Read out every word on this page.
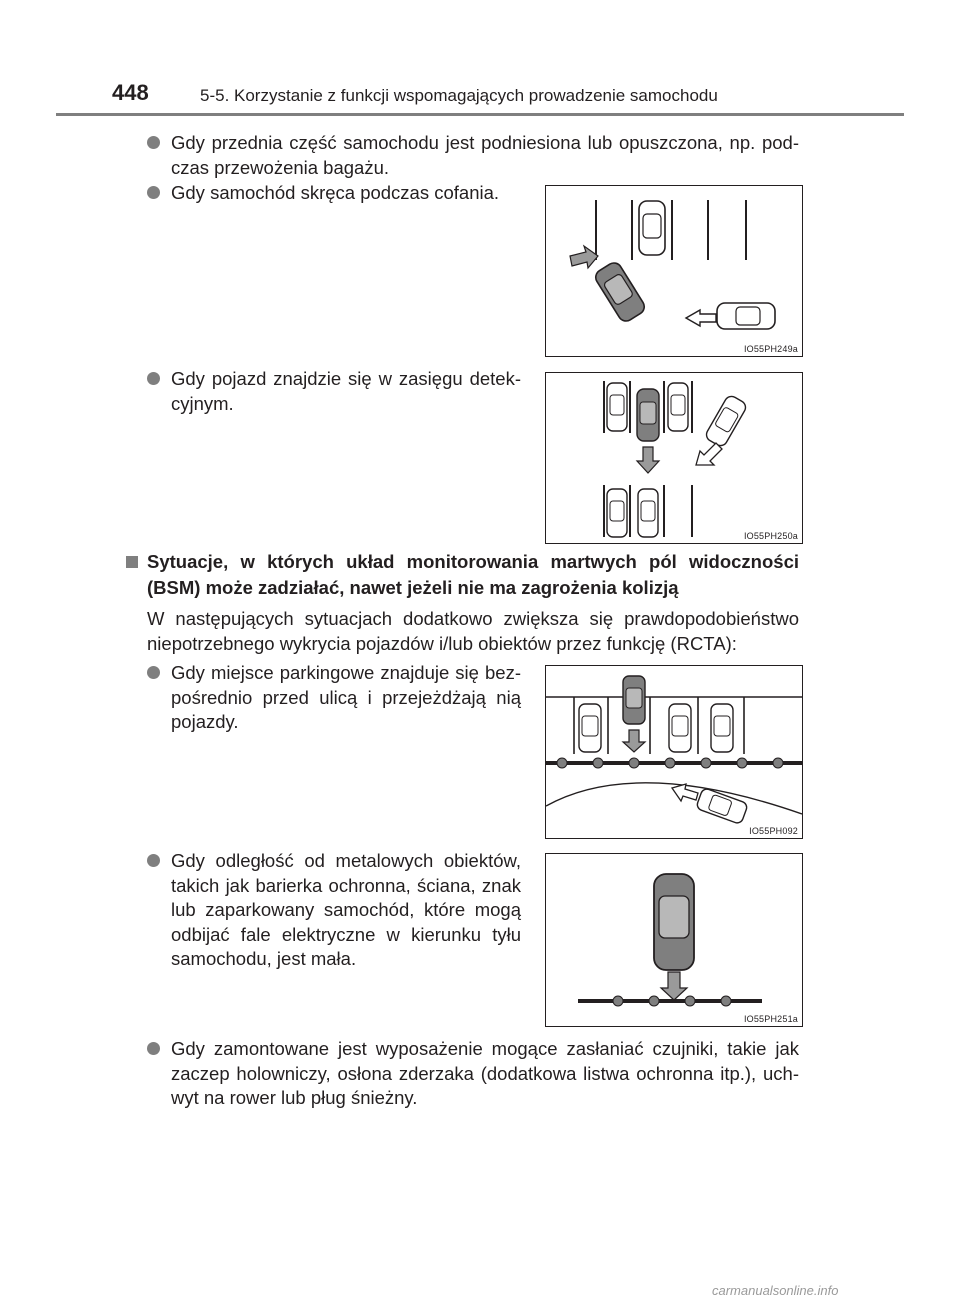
448	5-5. Korzystanie z funkcji wspomagających prowadzenie samochodu
Gdy przednia część samochodu jest podniesiona lub opuszczona, np. pod-czas przewożenia bagażu.
Gdy samochód skręca podczas cofania.
IO55PH249a
Gdy pojazd znajdzie się w zasięgu detek-cyjnym.
IO55PH250a
Sytuacje, w których układ monitorowania martwych pól widoczności (BSM) może zadziałać, nawet jeżeli nie ma zagrożenia kolizją
W następujących sytuacjach dodatkowo zwiększa się prawdopodobieństwo niepotrzebnego wykrycia pojazdów i/lub obiektów przez funkcję (RCTA):
Gdy miejsce parkingowe znajduje się bez-pośrednio przed ulicą i przejeżdżają nią pojazdy.
IO55PH092
Gdy odległość od metalowych obiektów, takich jak barierka ochronna, ściana, znak lub zaparkowany samochód, które mogą odbijać fale elektryczne w kierunku tyłu samochodu, jest mała.
IO55PH251a
Gdy zamontowane jest wyposażenie mogące zasłaniać czujniki, takie jak zaczep holowniczy, osłona zderzaka (dodatkowa listwa ochronna itp.), uch-wyt na rower lub pług śnieżny.
carmanualsonline.info
